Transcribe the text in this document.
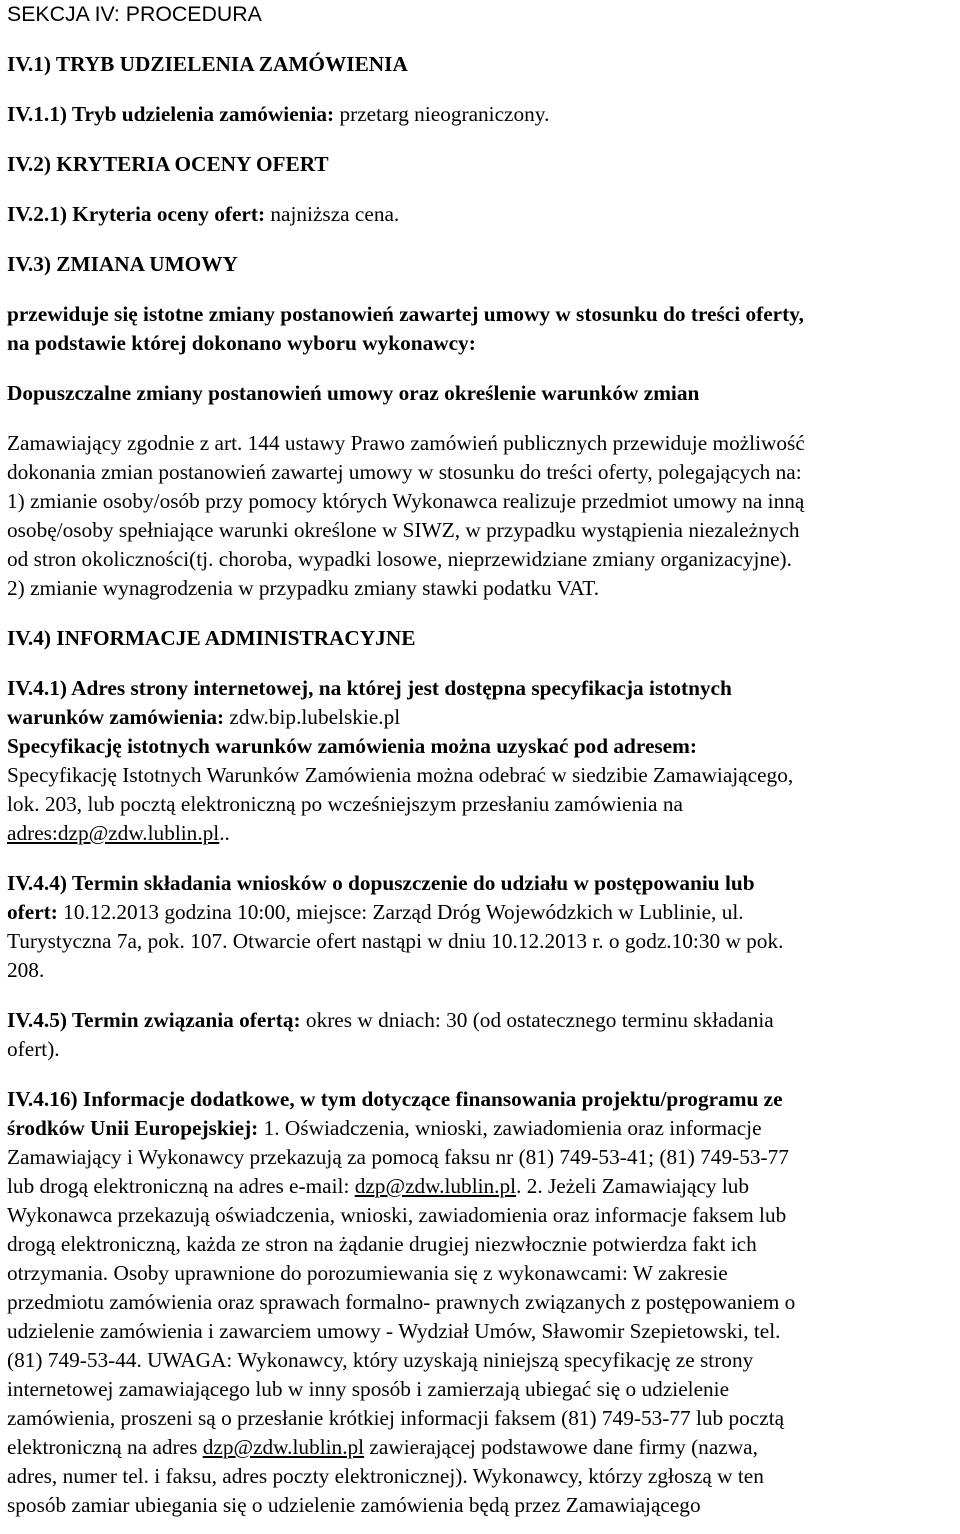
SEKCJA IV: PROCEDURA
IV.1) TRYB UDZIELENIA ZAMÓWIENIA
IV.1.1) Tryb udzielenia zamówienia: przetarg nieograniczony.
IV.2) KRYTERIA OCENY OFERT
IV.2.1) Kryteria oceny ofert: najniższa cena.
IV.3) ZMIANA UMOWY
przewiduje się istotne zmiany postanowień zawartej umowy w stosunku do treści oferty,
na podstawie której dokonano wyboru wykonawcy:
Dopuszczalne zmiany postanowień umowy oraz określenie warunków zmian
Zamawiający zgodnie z art. 144 ustawy Prawo zamówień publicznych przewiduje możliwość
dokonania zmian postanowień zawartej umowy w stosunku do treści oferty, polegających na:
1) zmianie osoby/osób przy pomocy których Wykonawca realizuje przedmiot umowy na inną
osobę/osoby spełniające warunki określone w SIWZ, w przypadku wystąpienia niezależnych
od stron okoliczności(tj. choroba, wypadki losowe, nieprzewidziane zmiany organizacyjne).
2) zmianie wynagrodzenia w przypadku zmiany stawki podatku VAT.
IV.4) INFORMACJE ADMINISTRACYJNE
IV.4.1) Adres strony internetowej, na której jest dostępna specyfikacja istotnych
warunków zamówienia: zdw.bip.lubelskie.pl
Specyfikację istotnych warunków zamówienia można uzyskać pod adresem:
Specyfikację Istotnych Warunków Zamówienia można odebrać w siedzibie Zamawiającego,
lok. 203, lub pocztą elektroniczną po wcześniejszym przesłaniu zamówienia na
adres:dzp@zdw.lublin.pl..
IV.4.4) Termin składania wniosków o dopuszczenie do udziału w postępowaniu lub
ofert: 10.12.2013 godzina 10:00, miejsce: Zarząd Dróg Wojewódzkich w Lublinie, ul.
Turystyczna 7a, pok. 107. Otwarcie ofert nastąpi w dniu 10.12.2013 r. o godz.10:30 w pok.
208.
IV.4.5) Termin związania ofertą: okres w dniach: 30 (od ostatecznego terminu składania
ofert).
IV.4.16) Informacje dodatkowe, w tym dotyczące finansowania projektu/programu ze
środków Unii Europejskiej: 1. Oświadczenia, wnioski, zawiadomienia oraz informacje
Zamawiający i Wykonawcy przekazują za pomocą faksu nr (81) 749-53-41; (81) 749-53-77
lub drogą elektroniczną na adres e-mail: dzp@zdw.lublin.pl. 2. Jeżeli Zamawiający lub
Wykonawca przekazują oświadczenia, wnioski, zawiadomienia oraz informacje faksem lub
drogą elektroniczną, każda ze stron na żądanie drugiej niezwłocznie potwierdza fakt ich
otrzymania. Osoby uprawnione do porozumiewania się z wykonawcami: W zakresie
przedmiotu zamówienia oraz sprawach formalno- prawnych związanych z postępowaniem o
udzielenie zamówienia i zawarciem umowy - Wydział Umów, Sławomir Szepietowski, tel.
(81) 749-53-44. UWAGA: Wykonawcy, który uzyskają niniejszą specyfikację ze strony
internetowej zamawiającego lub w inny sposób i zamierzają ubiegać się o udzielenie
zamówienia, proszeni są o przesłanie krótkiej informacji faksem (81) 749-53-77 lub pocztą
elektroniczną na adres dzp@zdw.lublin.pl zawierającej podstawowe dane firmy (nazwa,
adres, numer tel. i faksu, adres poczty elektronicznej). Wykonawcy, którzy zgłoszą w ten
sposób zamiar ubiegania się o udzielenie zamówienia będą przez Zamawiającego
